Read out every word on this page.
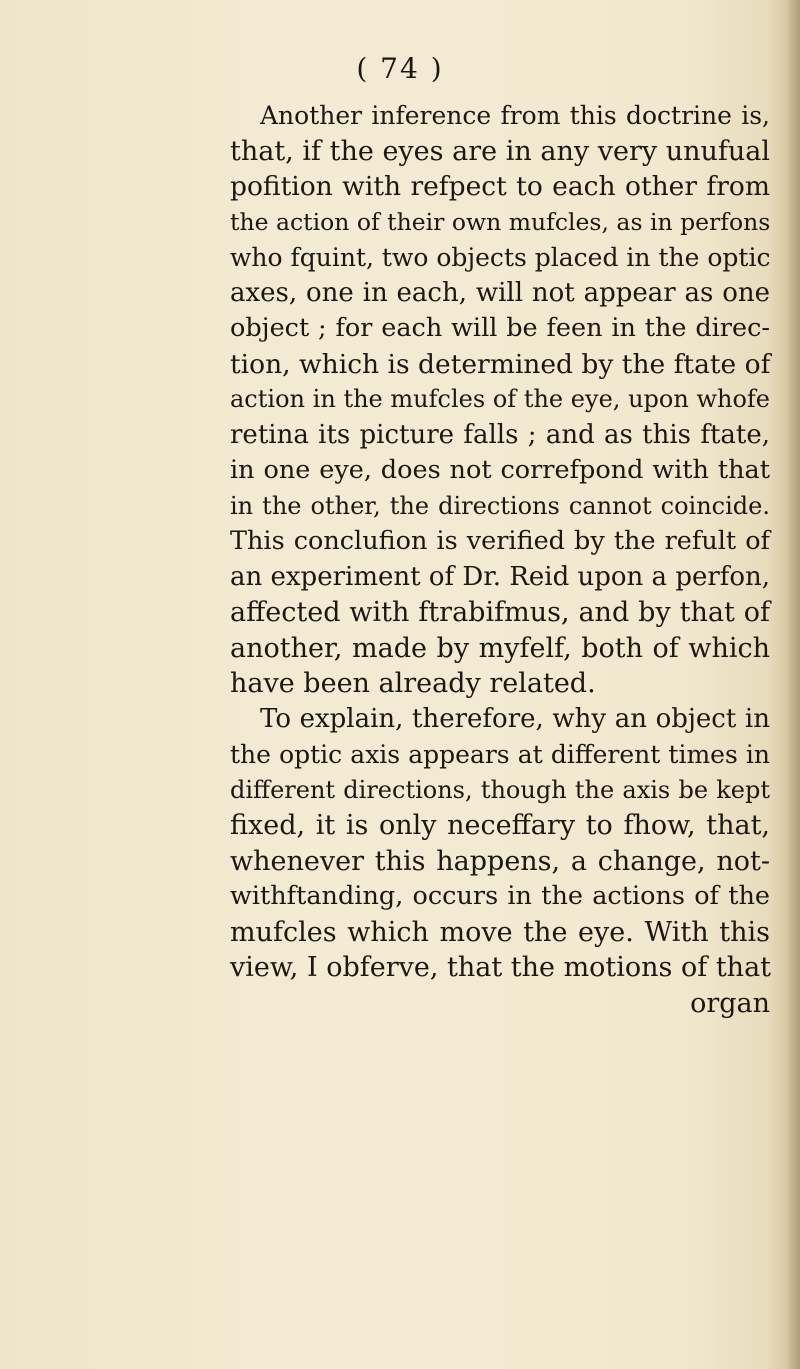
( 74 )
Another inference from this doctrine is,
that, if the eyes are in any very unufual
pofition with refpect to each other from
the action of their own mufcles, as in perfons
who fquint, two objects placed in the optic
axes, one in each, will not appear as one
object ; for each will be feen in the direc-
tion, which is determined by the ftate of
action in the mufcles of the eye, upon whofe
retina its picture falls ; and as this ftate,
in one eye, does not correfpond with that
in the other, the directions cannot coincide.
This conclufion is verified by the refult of
an experiment of Dr. Reid upon a perfon,
affected with ftrabifmus, and by that of
another, made by myfelf, both of which
have been already related.
To explain, therefore, why an object in
the optic axis appears at different times in
different directions, though the axis be kept
fixed, it is only neceffary to fhow, that,
whenever this happens, a change, not-
withftanding, occurs in the actions of the
mufcles which move the eye. With this
view, I obferve, that the motions of that
organ
